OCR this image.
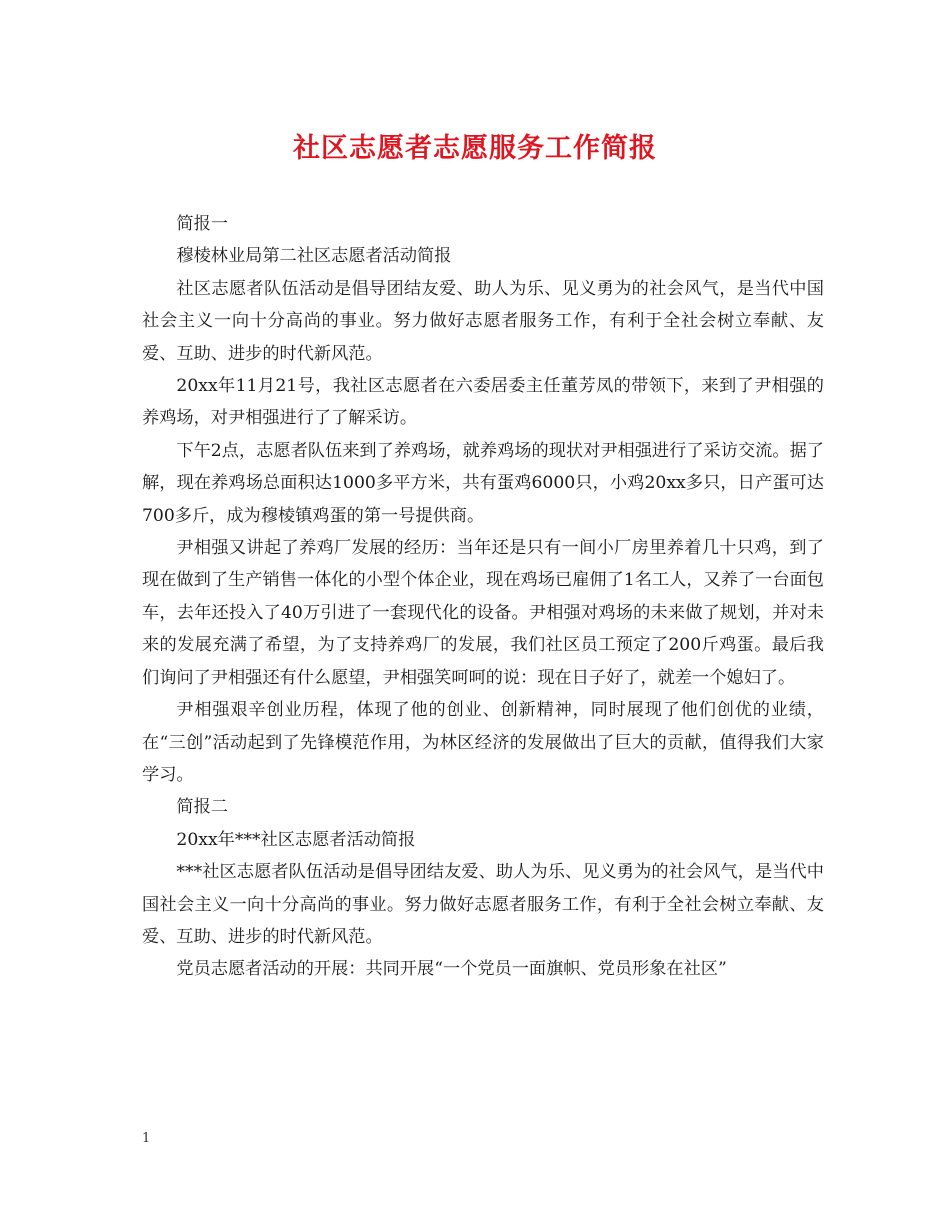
社区志愿者志愿服务工作简报

简报一

穆棱林业局第二社区志愿者活动简报

社区志愿者队伍活动是倡导团结友爱、助人为乐、见义勇为的社会风气，是当代中国社会主义一向十分高尚的事业。努力做好志愿者服务工作，有利于全社会树立奉献、友爱、互助、进步的时代新风范。

20xx年11月21号，我社区志愿者在六委居委主任董芳凤的带领下，来到了尹相强的养鸡场，对尹相强进行了了解采访。

下午2点，志愿者队伍来到了养鸡场，就养鸡场的现状对尹相强进行了采访交流。据了解，现在养鸡场总面积达1000多平方米，共有蛋鸡6000只，小鸡20xx多只，日产蛋可达700多斤，成为穆棱镇鸡蛋的第一号提供商。

尹相强又讲起了养鸡厂发展的经历：当年还是只有一间小厂房里养着几十只鸡，到了现在做到了生产销售一体化的小型个体企业，现在鸡场已雇佣了1名工人，又养了一台面包车，去年还投入了40万引进了一套现代化的设备。尹相强对鸡场的未来做了规划，并对未来的发展充满了希望，为了支持养鸡厂的发展，我们社区员工预定了200斤鸡蛋。最后我们询问了尹相强还有什么愿望，尹相强笑呵呵的说：现在日子好了，就差一个媳妇了。

尹相强艰辛创业历程，体现了他的创业、创新精神，同时展现了他们创优的业绩，在“三创”活动起到了先锋模范作用，为林区经济的发展做出了巨大的贡献，值得我们大家学习。

简报二

20xx年***社区志愿者活动简报

***社区志愿者队伍活动是倡导团结友爱、助人为乐、见义勇为的社会风气，是当代中国社会主义一向十分高尚的事业。努力做好志愿者服务工作，有利于全社会树立奉献、友爱、互助、进步的时代新风范。

党员志愿者活动的开展：共同开展“一个党员一面旗帜、党员形象在社区”

1
